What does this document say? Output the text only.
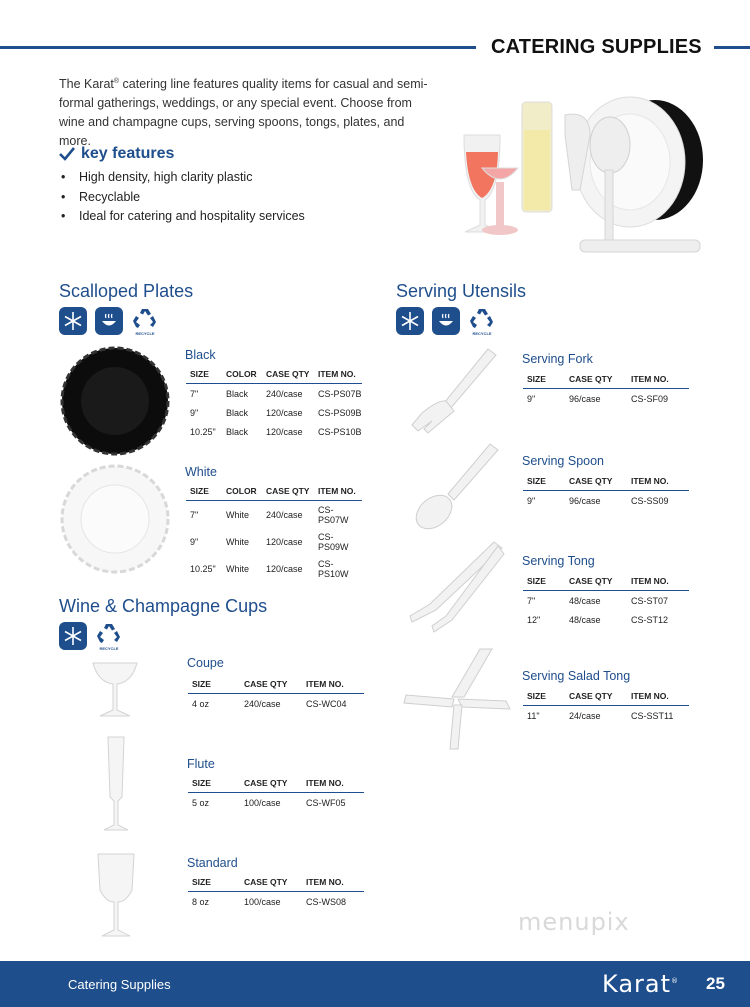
CATERING SUPPLIES
The Karat® catering line features quality items for casual and semi-formal gatherings, weddings, or any special event. Choose from wine and champagne cups, serving spoons, tongs, plates, and more.
key features
• High density, high clarity plastic
• Recyclable
• Ideal for catering and hospitality services
Scalloped Plates
RECYCLE
Black
SIZE	COLOR	CASE QTY	ITEM NO.
7"	Black	240/case	CS-PS07B
9"	Black	120/case	CS-PS09B
10.25"	Black	120/case	CS-PS10B
White
SIZE	COLOR	CASE QTY	ITEM NO.
7"	White	240/case	CS-PS07W
9"	White	120/case	CS-PS09W
10.25"	White	120/case	CS-PS10W
Wine & Champagne Cups
RECYCLE
Coupe
SIZE	CASE QTY	ITEM NO.
4 oz	240/case	CS-WC04
Flute
SIZE	CASE QTY	ITEM NO.
5 oz	100/case	CS-WF05
Standard
SIZE	CASE QTY	ITEM NO.
8 oz	100/case	CS-WS08
Serving Utensils
RECYCLE
Serving Fork
SIZE	CASE QTY	ITEM NO.
9"	96/case	CS-SF09
Serving Spoon
SIZE	CASE QTY	ITEM NO.
9"	96/case	CS-SS09
Serving Tong
SIZE	CASE QTY	ITEM NO.
7"	48/case	CS-ST07
12"	48/case	CS-ST12
Serving Salad Tong
SIZE	CASE QTY	ITEM NO.
11"	24/case	CS-SST11
menupix
Catering Supplies	Karat® 25
